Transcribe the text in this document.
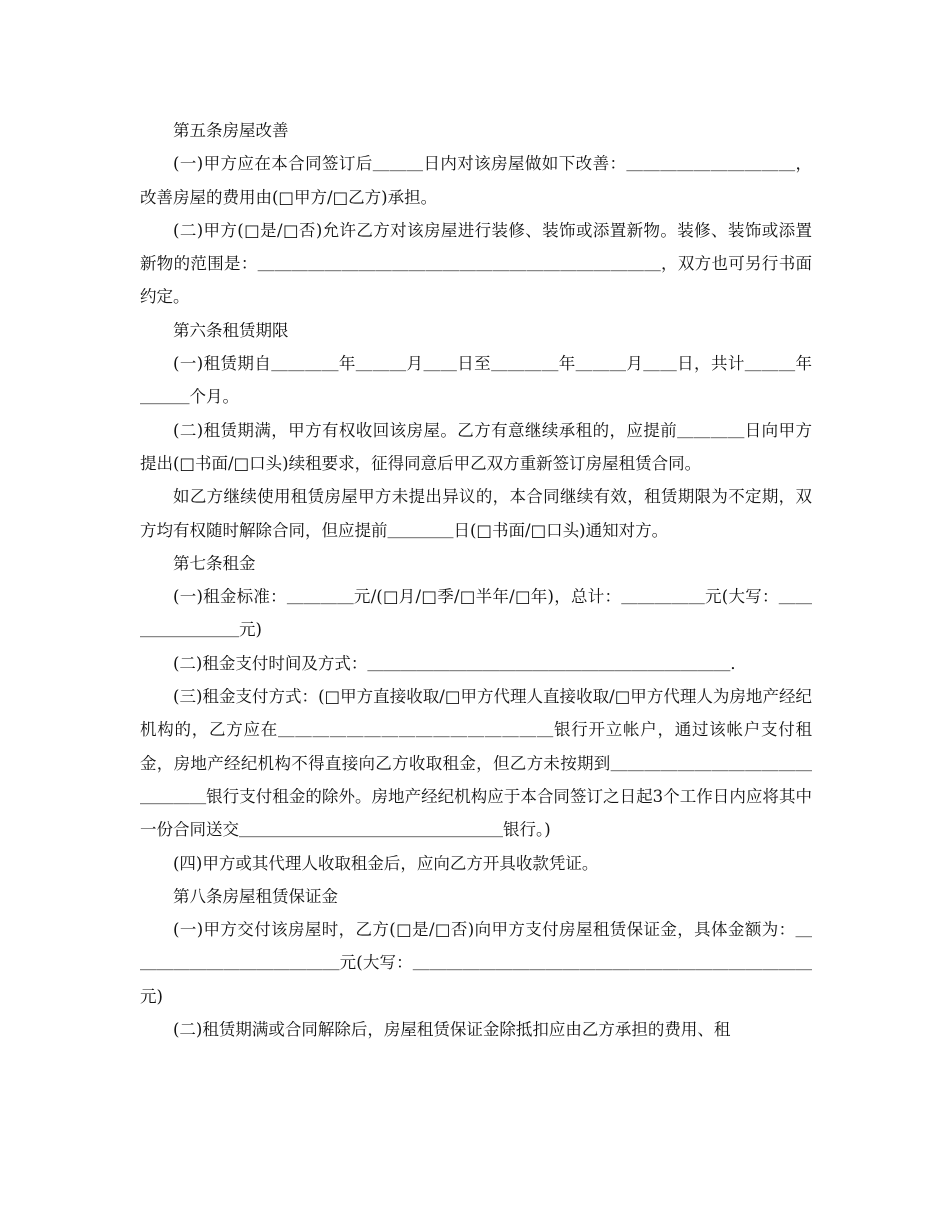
第五条房屋改善

(一)甲方应在本合同签订后＿＿＿日内对该房屋做如下改善：＿＿＿＿＿＿＿＿＿＿，改善房屋的费用由(□甲方/□乙方)承担。

(二)甲方(□是/□否)允许乙方对该房屋进行装修、装饰或添置新物。装修、装饰或添置新物的范围是：＿＿＿＿＿＿＿＿＿＿＿＿＿＿＿＿＿＿＿＿＿＿＿＿，双方也可另行书面约定。

第六条租赁期限

(一)租赁期自＿＿＿＿年＿＿＿月＿＿日至＿＿＿＿年＿＿＿月＿＿日，共计＿＿＿年＿＿＿个月。

(二)租赁期满，甲方有权收回该房屋。乙方有意继续承租的，应提前＿＿＿＿日向甲方提出(□书面/□口头)续租要求，征得同意后甲乙双方重新签订房屋租赁合同。

如乙方继续使用租赁房屋甲方未提出异议的，本合同继续有效，租赁期限为不定期，双方均有权随时解除合同，但应提前＿＿＿＿日(□书面/□口头)通知对方。

第七条租金

(一)租金标准：＿＿＿＿元/(□月/□季/□半年/□年)，总计：＿＿＿＿＿元(大写：＿＿＿＿＿＿＿＿元)

(二)租金支付时间及方式：＿＿＿＿＿＿＿＿＿＿＿＿＿＿＿＿＿＿＿＿＿＿．

(三)租金支付方式：(□甲方直接收取/□甲方代理人直接收取/□甲方代理人为房地产经纪机构的，乙方应在＿＿＿＿＿＿＿＿＿＿＿＿＿＿＿＿银行开立帐户，通过该帐户支付租金，房地产经纪机构不得直接向乙方收取租金，但乙方未按期到＿＿＿＿＿＿＿＿＿＿＿＿＿＿＿＿银行支付租金的除外。房地产经纪机构应于本合同签订之日起3个工作日内应将其中一份合同送交＿＿＿＿＿＿＿＿＿＿＿＿＿＿＿＿银行。)

(四)甲方或其代理人收取租金后，应向乙方开具收款凭证。

第八条房屋租赁保证金

(一)甲方交付该房屋时，乙方(□是/□否)向甲方支付房屋租赁保证金，具体金额为：＿＿＿＿＿＿＿＿＿＿＿＿＿元(大写：＿＿＿＿＿＿＿＿＿＿＿＿＿＿＿＿＿＿＿＿＿＿＿＿元)

(二)租赁期满或合同解除后，房屋租赁保证金除抵扣应由乙方承担的费用、租
